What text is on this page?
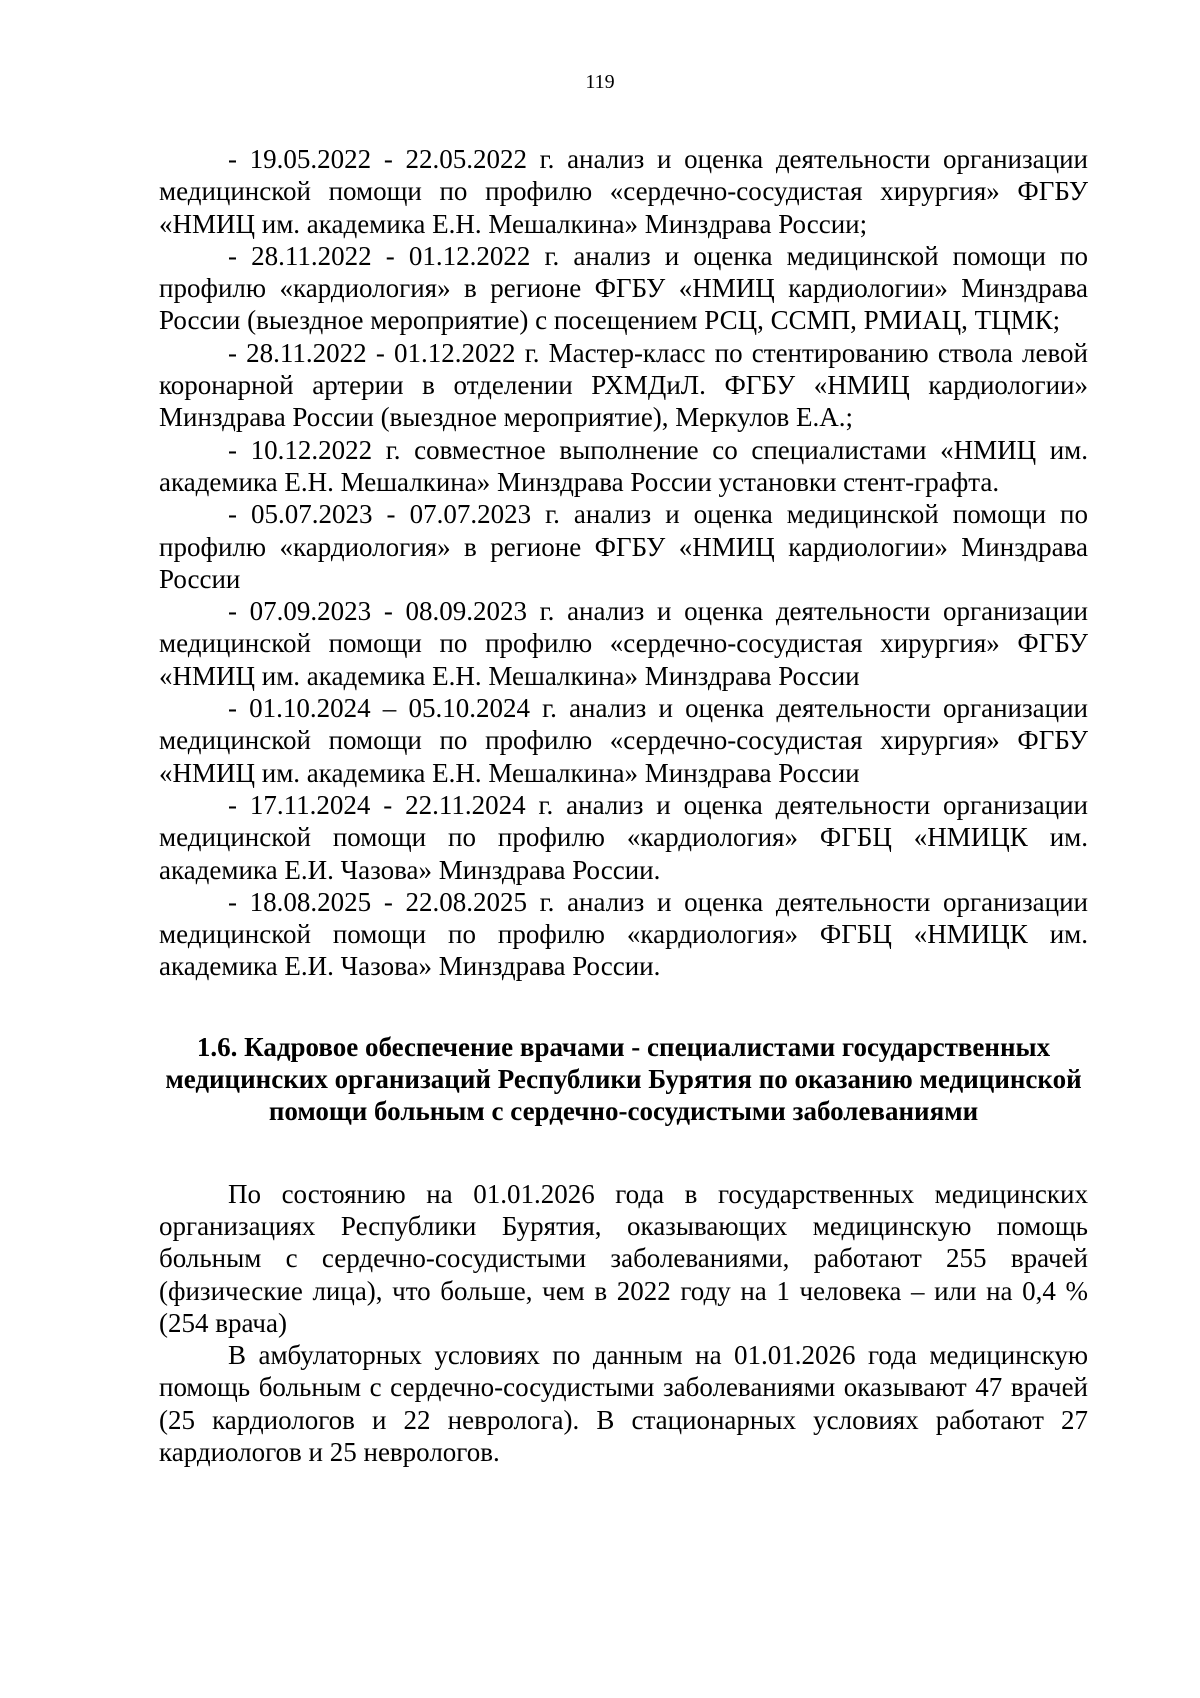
119

- 19.05.2022 - 22.05.2022 г. анализ и оценка деятельности организации медицинской помощи по профилю «сердечно-сосудистая хирургия» ФГБУ «НМИЦ им. академика Е.Н. Мешалкина» Минздрава России;

- 28.11.2022 - 01.12.2022 г. анализ и оценка медицинской помощи по профилю «кардиология» в регионе ФГБУ «НМИЦ кардиологии» Минздрава России (выездное мероприятие) с посещением РСЦ, ССМП, РМИАЦ, ТЦМК;

- 28.11.2022 - 01.12.2022 г. Мастер-класс по стентированию ствола левой коронарной артерии в отделении РХМДиЛ. ФГБУ «НМИЦ кардиологии» Минздрава России (выездное мероприятие), Меркулов Е.А.;

- 10.12.2022 г. совместное выполнение со специалистами «НМИЦ им. академика Е.Н. Мешалкина» Минздрава России установки стент-графта.

- 05.07.2023 - 07.07.2023 г. анализ и оценка медицинской помощи по профилю «кардиология» в регионе ФГБУ «НМИЦ кардиологии» Минздрава России

- 07.09.2023 - 08.09.2023 г. анализ и оценка деятельности организации медицинской помощи по профилю «сердечно-сосудистая хирургия» ФГБУ «НМИЦ им. академика Е.Н. Мешалкина» Минздрава России

- 01.10.2024 – 05.10.2024 г. анализ и оценка деятельности организации медицинской помощи по профилю «сердечно-сосудистая хирургия» ФГБУ «НМИЦ им. академика Е.Н. Мешалкина» Минздрава России

- 17.11.2024 - 22.11.2024 г. анализ и оценка деятельности организации медицинской помощи по профилю «кардиология» ФГБЦ «НМИЦК им. академика Е.И. Чазова» Минздрава России.

- 18.08.2025 - 22.08.2025 г. анализ и оценка деятельности организации медицинской помощи по профилю «кардиология» ФГБЦ «НМИЦК им. академика Е.И. Чазова» Минздрава России.

1.6. Кадровое обеспечение врачами - специалистами государственных медицинских организаций Республики Бурятия по оказанию медицинской помощи больным с сердечно-сосудистыми заболеваниями

По состоянию на 01.01.2026 года в государственных медицинских организациях Республики Бурятия, оказывающих медицинскую помощь больным с сердечно-сосудистыми заболеваниями, работают 255 врачей (физические лица), что больше, чем в 2022 году на 1 человека – или на 0,4 % (254 врача)

В амбулаторных условиях по данным на 01.01.2026 года медицинскую помощь больным с сердечно-сосудистыми заболеваниями оказывают 47 врачей (25 кардиологов и 22 невролога). В стационарных условиях работают 27 кардиологов и 25 неврологов.
